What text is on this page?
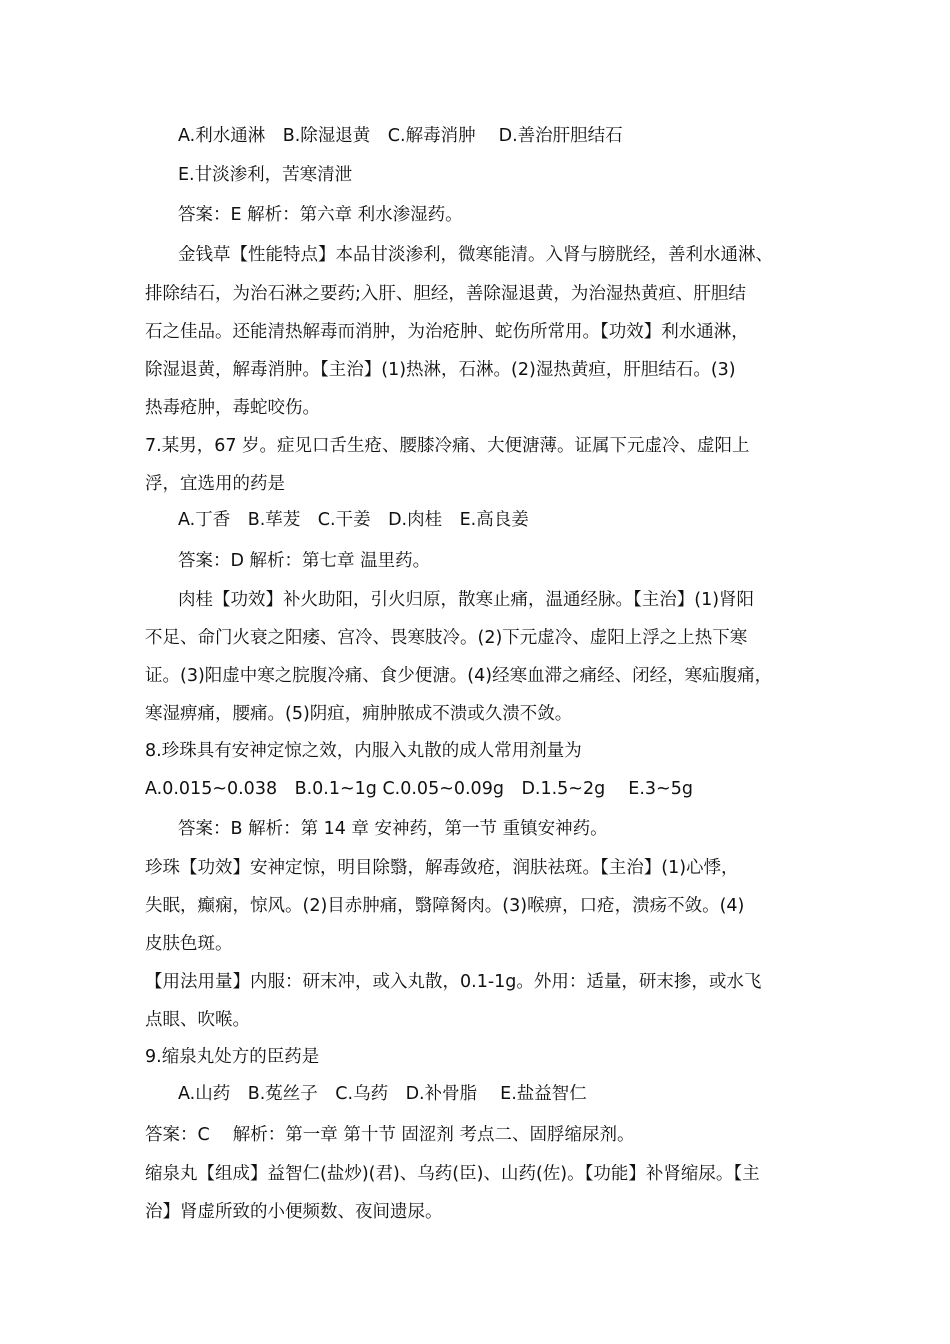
A.利水通淋　B.除湿退黄　C.解毒消肿　 D.善治肝胆结石
E.甘淡渗利，苦寒清泄
答案：E 解析：第六章 利水渗湿药。
金钱草【性能特点】本品甘淡渗利，微寒能清。入肾与膀胱经，善利水通淋、
排除结石，为治石淋之要药;入肝、胆经，善除湿退黄，为治湿热黄疸、肝胆结
石之佳品。还能清热解毒而消肿，为治疮肿、蛇伤所常用。【功效】利水通淋，
除湿退黄，解毒消肿。【主治】(1)热淋，石淋。(2)湿热黄疸，肝胆结石。(3)
热毒疮肿，毒蛇咬伤。
7.某男，67 岁。症见口舌生疮、腰膝冷痛、大便溏薄。证属下元虚冷、虚阳上
浮，宜选用的药是
A.丁香　B.荜茇　C.干姜　D.肉桂　E.高良姜
答案：D 解析：第七章 温里药。
肉桂【功效】补火助阳，引火归原，散寒止痛，温通经脉。【主治】(1)肾阳
不足、命门火衰之阳痿、宫冷、畏寒肢冷。(2)下元虚冷、虚阳上浮之上热下寒
证。(3)阳虚中寒之脘腹冷痛、食少便溏。(4)经寒血滞之痛经、闭经，寒疝腹痛，
寒湿痹痛，腰痛。(5)阴疽，痈肿脓成不溃或久溃不敛。
8.珍珠具有安神定惊之效，内服入丸散的成人常用剂量为
A.0.015~0.038　B.0.1~1g C.0.05~0.09g　D.1.5~2g　 E.3~5g
答案：B 解析：第 14 章 安神药，第一节 重镇安神药。
珍珠【功效】安神定惊，明目除翳，解毒敛疮，润肤祛斑。【主治】(1)心悸，
失眠，癫痫，惊风。(2)目赤肿痛，翳障胬肉。(3)喉痹，口疮，溃疡不敛。(4)
皮肤色斑。
【用法用量】内服：研末冲，或入丸散，0.1-1g。外用：适量，研末掺，或水飞
点眼、吹喉。
9.缩泉丸处方的臣药是
A.山药　B.菟丝子　C.乌药　D.补骨脂　 E.盐益智仁
答案：C　 解析：第一章 第十节 固涩剂 考点二、固脬缩尿剂。
缩泉丸【组成】益智仁(盐炒)(君)、乌药(臣)、山药(佐)。【功能】补肾缩尿。【主
治】肾虚所致的小便频数、夜间遗尿。
